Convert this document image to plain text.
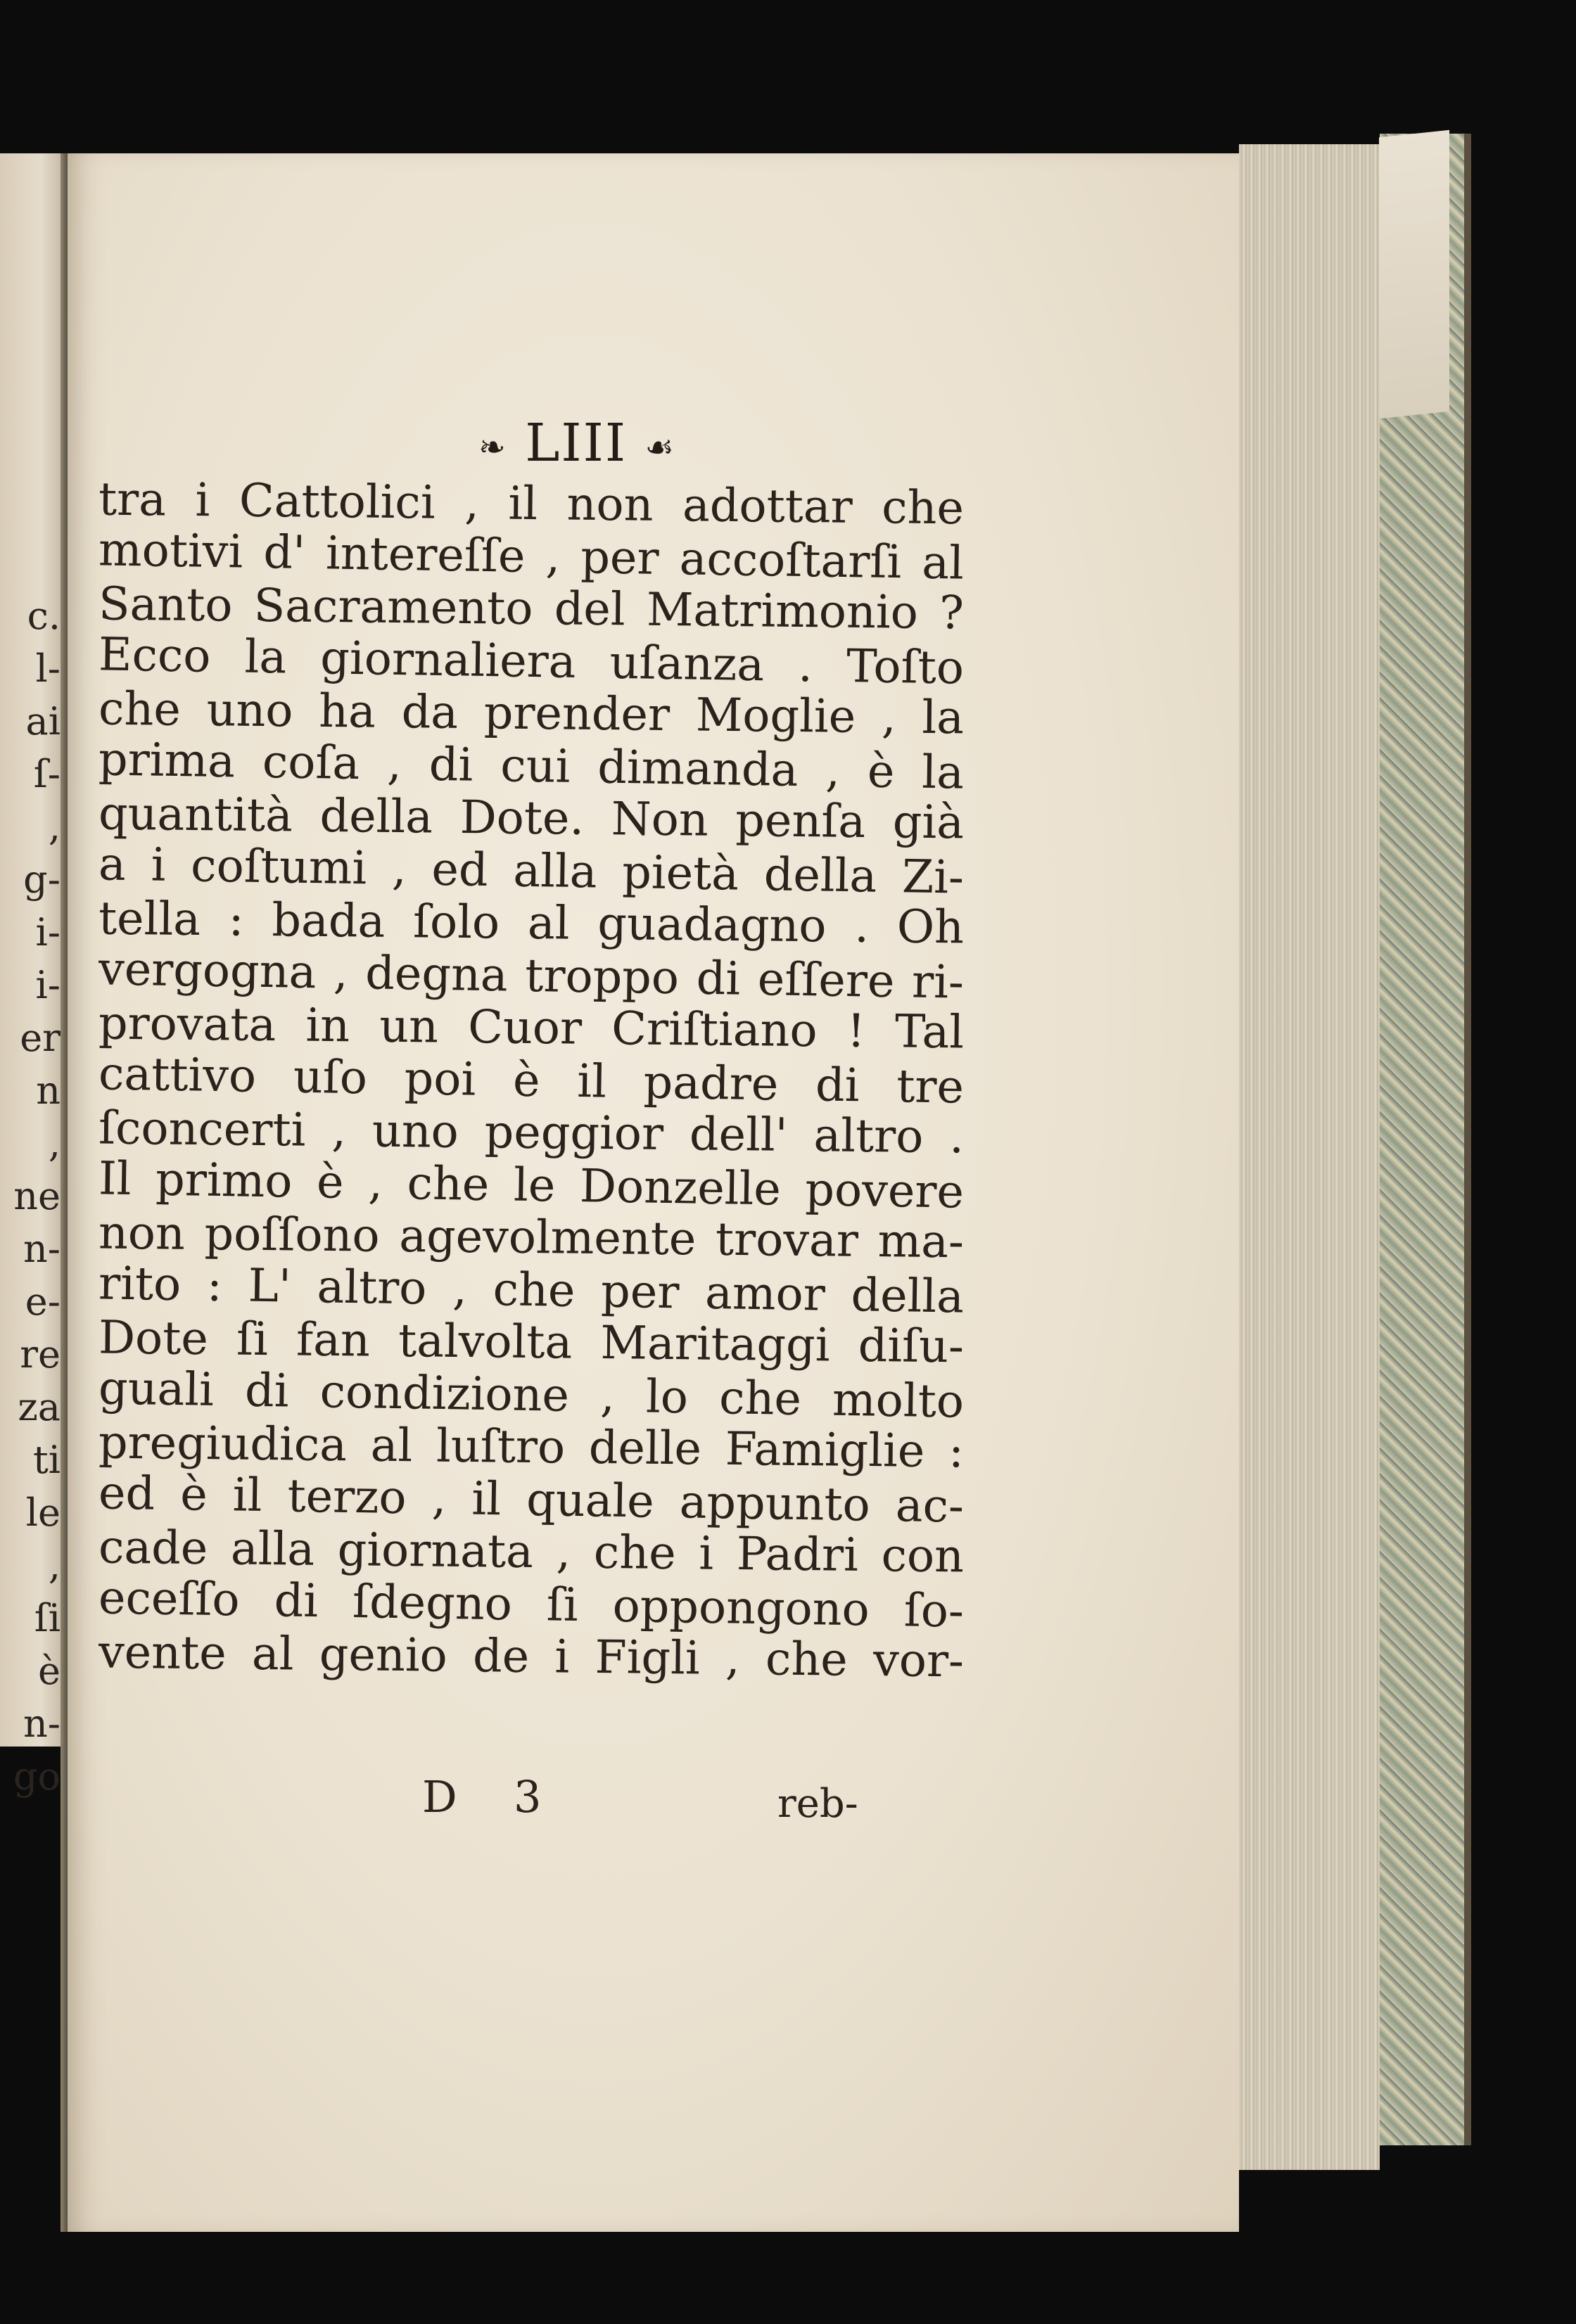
c.
l-
ai
ſ-
,
g-
i-
i-
er
n
,
ne
n-
e-
re
za
ti
le
,
ſi
è
n-
go
❧ LIII ☙
tra i Cattolici , il non adottar che
motivi d' intereſſe , per accoſtarſi al
Santo Sacramento del Matrimonio ?
Ecco la giornaliera uſanza . Toſto
che uno ha da prender Moglie , la
prima coſa , di cui dimanda , è la
quantità della Dote. Non penſa già
a i coſtumi , ed alla pietà della Zi-
tella : bada ſolo al guadagno . Oh
vergogna , degna troppo di eſſere ri-
provata in un Cuor Criſtiano ! Tal
cattivo uſo poi è il padre di tre
ſconcerti , uno peggior dell' altro .
Il primo è , che le Donzelle povere
non poſſono agevolmente trovar ma-
rito : L' altro , che per amor della
Dote ſi fan talvolta Maritaggi diſu-
guali di condizione , lo che molto
pregiudica al luſtro delle Famiglie :
ed è il terzo , il quale appunto ac-
cade alla giornata , che i Padri con
eceſſo di ſdegno ſi oppongono ſo-
vente al genio de i Figli , che vor-
D 3	reb-
